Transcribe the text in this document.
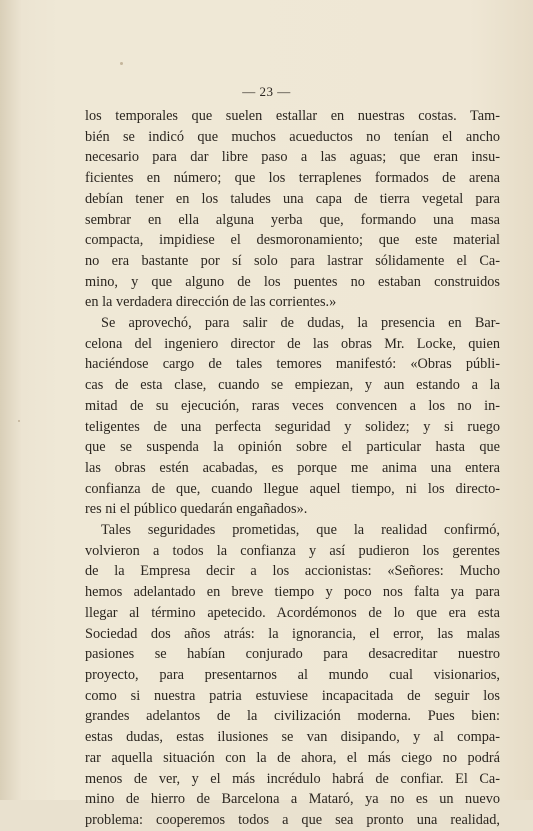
— 23 —
los temporales que suelen estallar en nuestras costas. Tam-
bién se indicó que muchos acueductos no tenían el ancho
necesario para dar libre paso a las aguas; que eran insu-
ficientes en número; que los terraplenes formados de arena
debían tener en los taludes una capa de tierra vegetal para
sembrar en ella alguna yerba que, formando una masa
compacta, impidiese el desmoronamiento; que este material
no era bastante por sí solo para lastrar sólidamente el Ca-
mino, y que alguno de los puentes no estaban construidos
en la verdadera dirección de las corrientes.»
Se aprovechó, para salir de dudas, la presencia en Bar-
celona del ingeniero director de las obras Mr. Locke, quien
haciéndose cargo de tales temores manifestó: «Obras públi-
cas de esta clase, cuando se empiezan, y aun estando a la
mitad de su ejecución, raras veces convencen a los no in-
teligentes de una perfecta seguridad y solidez; y si ruego
que se suspenda la opinión sobre el particular hasta que
las obras estén acabadas, es porque me anima una entera
confianza de que, cuando llegue aquel tiempo, ni los directo-
res ni el público quedarán engañados».
Tales seguridades prometidas, que la realidad confirmó,
volvieron a todos la confianza y así pudieron los gerentes
de la Empresa decir a los accionistas: «Señores: Mucho
hemos adelantado en breve tiempo y poco nos falta ya para
llegar al término apetecido. Acordémonos de lo que era esta
Sociedad dos años atrás: la ignorancia, el error, las malas
pasiones se habían conjurado para desacreditar nuestro
proyecto, para presentarnos al mundo cual visionarios,
como si nuestra patria estuviese incapacitada de seguir los
grandes adelantos de la civilización moderna. Pues bien:
estas dudas, estas ilusiones se van disipando, y al compa-
rar aquella situación con la de ahora, el más ciego no podrá
menos de ver, y el más incrédulo habrá de confiar. El Ca-
mino de hierro de Barcelona a Mataró, ya no es un nuevo
problema: cooperemos todos a que sea pronto una realidad,
